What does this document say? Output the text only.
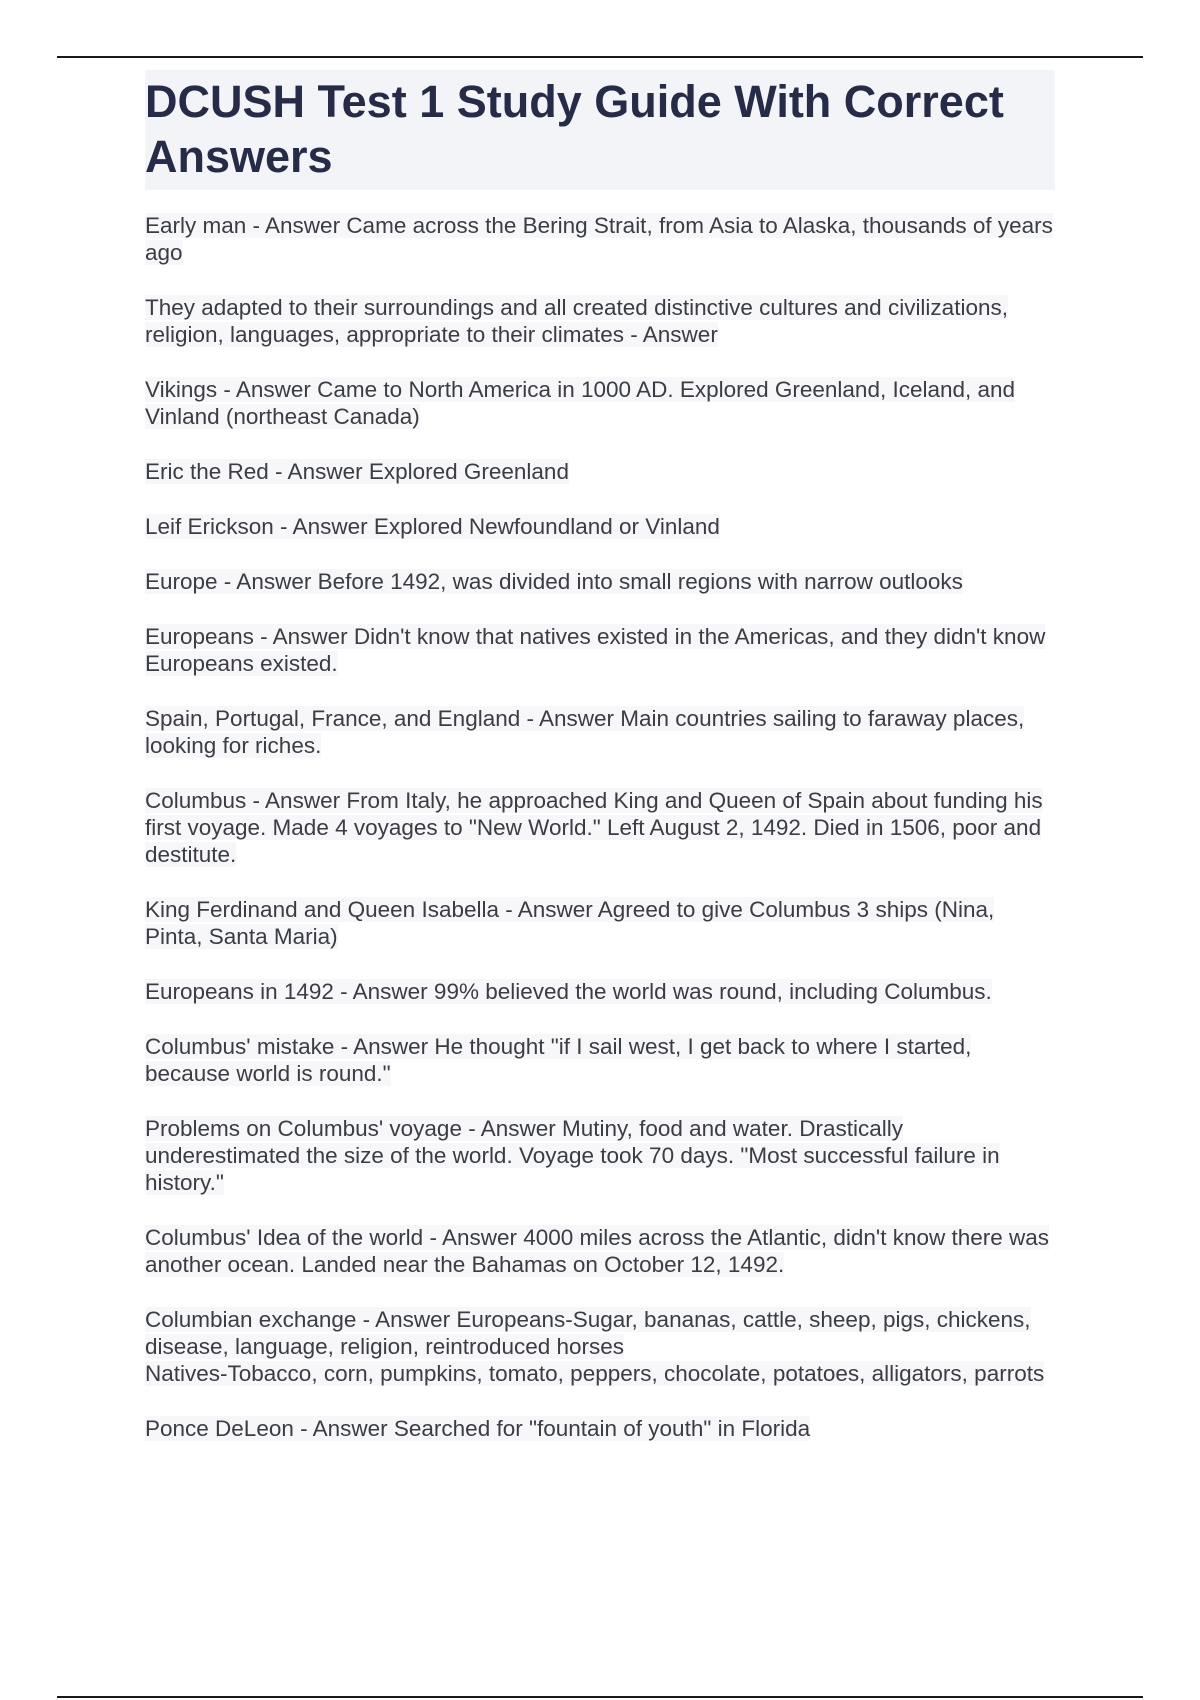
DCUSH Test 1 Study Guide With Correct Answers
Early man - Answer Came across the Bering Strait, from Asia to Alaska, thousands of years ago
They adapted to their surroundings and all created distinctive cultures and civilizations, religion, languages, appropriate to their climates - Answer
Vikings - Answer Came to North America in 1000 AD. Explored Greenland, Iceland, and Vinland (northeast Canada)
Eric the Red - Answer Explored Greenland
Leif Erickson - Answer Explored Newfoundland or Vinland
Europe - Answer Before 1492, was divided into small regions with narrow outlooks
Europeans - Answer Didn't know that natives existed in the Americas, and they didn't know Europeans existed.
Spain, Portugal, France, and England - Answer Main countries sailing to faraway places, looking for riches.
Columbus - Answer From Italy, he approached King and Queen of Spain about funding his first voyage. Made 4 voyages to "New World." Left August 2, 1492. Died in 1506, poor and destitute.
King Ferdinand and Queen Isabella - Answer Agreed to give Columbus 3 ships (Nina, Pinta, Santa Maria)
Europeans in 1492 - Answer 99% believed the world was round, including Columbus.
Columbus' mistake - Answer He thought "if I sail west, I get back to where I started, because world is round."
Problems on Columbus' voyage - Answer Mutiny, food and water. Drastically underestimated the size of the world. Voyage took 70 days. "Most successful failure in history."
Columbus' Idea of the world - Answer 4000 miles across the Atlantic, didn't know there was another ocean. Landed near the Bahamas on October 12, 1492.
Columbian exchange - Answer Europeans-Sugar, bananas, cattle, sheep, pigs, chickens, disease, language, religion, reintroduced horses
Natives-Tobacco, corn, pumpkins, tomato, peppers, chocolate, potatoes, alligators, parrots
Ponce DeLeon - Answer Searched for "fountain of youth" in Florida
